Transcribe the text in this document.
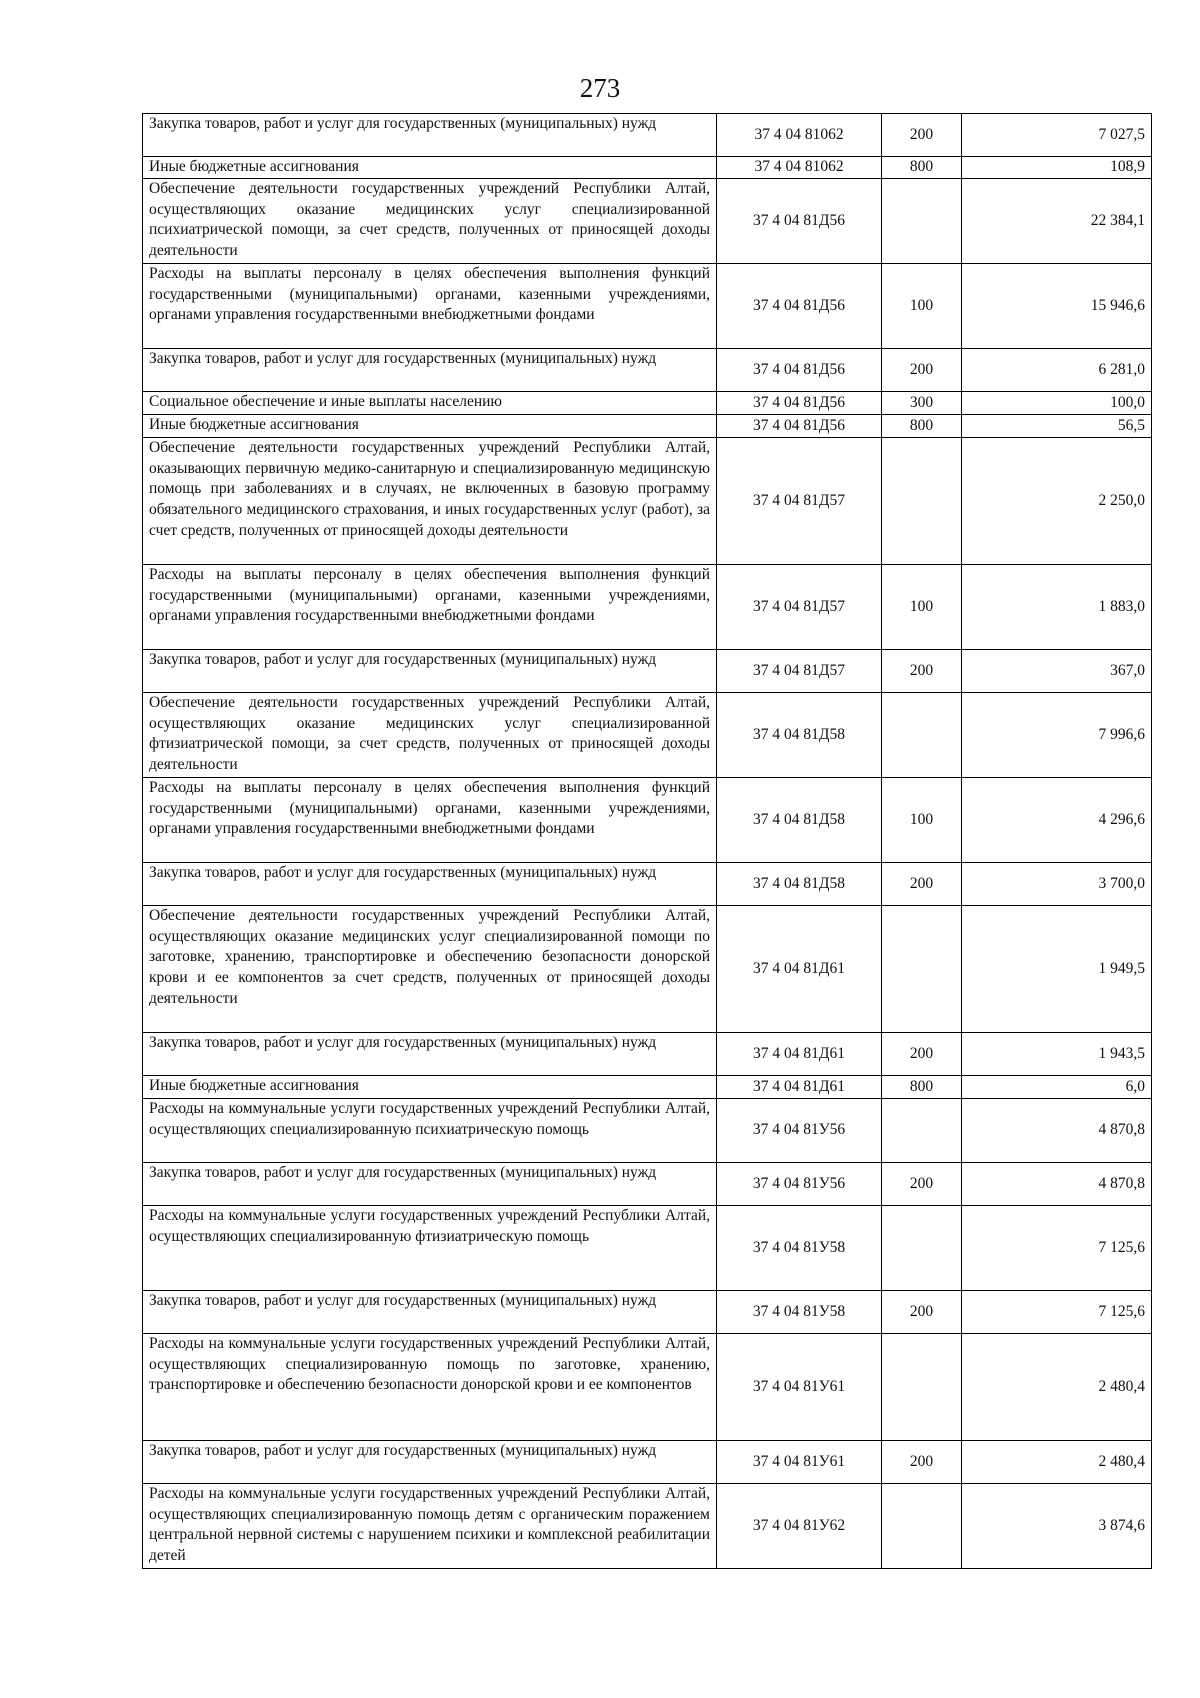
273
Закупка товаров, работ и услуг для государственных (муниципальных) нужд	37 4 04 81062	200	7 027,5
Иные бюджетные ассигнования	37 4 04 81062	800	108,9
Обеспечение деятельности государственных учреждений Республики Алтай, осуществляющих оказание медицинских услуг специализированной психиатрической помощи, за счет средств, полученных от приносящей доходы деятельности	37 4 04 81Д56		22 384,1
Расходы на выплаты персоналу в целях обеспечения выполнения функций государственными (муниципальными) органами, казенными учреждениями, органами управления государственными внебюджетными фондами	37 4 04 81Д56	100	15 946,6
Закупка товаров, работ и услуг для государственных (муниципальных) нужд	37 4 04 81Д56	200	6 281,0
Социальное обеспечение и иные выплаты населению	37 4 04 81Д56	300	100,0
Иные бюджетные ассигнования	37 4 04 81Д56	800	56,5
Обеспечение деятельности государственных учреждений Республики Алтай, оказывающих первичную медико-санитарную и специализированную медицинскую помощь при заболеваниях и в случаях, не включенных в базовую программу обязательного медицинского страхования, и иных государственных услуг (работ), за счет средств, полученных от приносящей доходы деятельности	37 4 04 81Д57		2 250,0
Расходы на выплаты персоналу в целях обеспечения выполнения функций государственными (муниципальными) органами, казенными учреждениями, органами управления государственными внебюджетными фондами	37 4 04 81Д57	100	1 883,0
Закупка товаров, работ и услуг для государственных (муниципальных) нужд	37 4 04 81Д57	200	367,0
Обеспечение деятельности государственных учреждений Республики Алтай, осуществляющих оказание медицинских услуг специализированной фтизиатрической помощи, за счет средств, полученных от приносящей доходы деятельности	37 4 04 81Д58		7 996,6
Расходы на выплаты персоналу в целях обеспечения выполнения функций государственными (муниципальными) органами, казенными учреждениями, органами управления государственными внебюджетными фондами	37 4 04 81Д58	100	4 296,6
Закупка товаров, работ и услуг для государственных (муниципальных) нужд	37 4 04 81Д58	200	3 700,0
Обеспечение деятельности государственных учреждений Республики Алтай, осуществляющих оказание медицинских услуг специализированной помощи по заготовке, хранению, транспортировке и обеспечению безопасности донорской крови и ее компонентов за счет средств, полученных от приносящей доходы деятельности	37 4 04 81Д61		1 949,5
Закупка товаров, работ и услуг для государственных (муниципальных) нужд	37 4 04 81Д61	200	1 943,5
Иные бюджетные ассигнования	37 4 04 81Д61	800	6,0
Расходы на коммунальные услуги государственных учреждений Республики Алтай, осуществляющих специализированную психиатрическую помощь	37 4 04 81У56		4 870,8
Закупка товаров, работ и услуг для государственных (муниципальных) нужд	37 4 04 81У56	200	4 870,8
Расходы на коммунальные услуги государственных учреждений Республики Алтай, осуществляющих специализированную фтизиатрическую помощь	37 4 04 81У58		7 125,6
Закупка товаров, работ и услуг для государственных (муниципальных) нужд	37 4 04 81У58	200	7 125,6
Расходы на коммунальные услуги государственных учреждений Республики Алтай, осуществляющих специализированную помощь по заготовке, хранению, транспортировке и обеспечению безопасности донорской крови и ее компонентов	37 4 04 81У61		2 480,4
Закупка товаров, работ и услуг для государственных (муниципальных) нужд	37 4 04 81У61	200	2 480,4
Расходы на коммунальные услуги государственных учреждений Республики Алтай, осуществляющих специализированную помощь детям с органическим поражением центральной нервной системы с нарушением психики и комплексной реабилитации детей	37 4 04 81У62		3 874,6
